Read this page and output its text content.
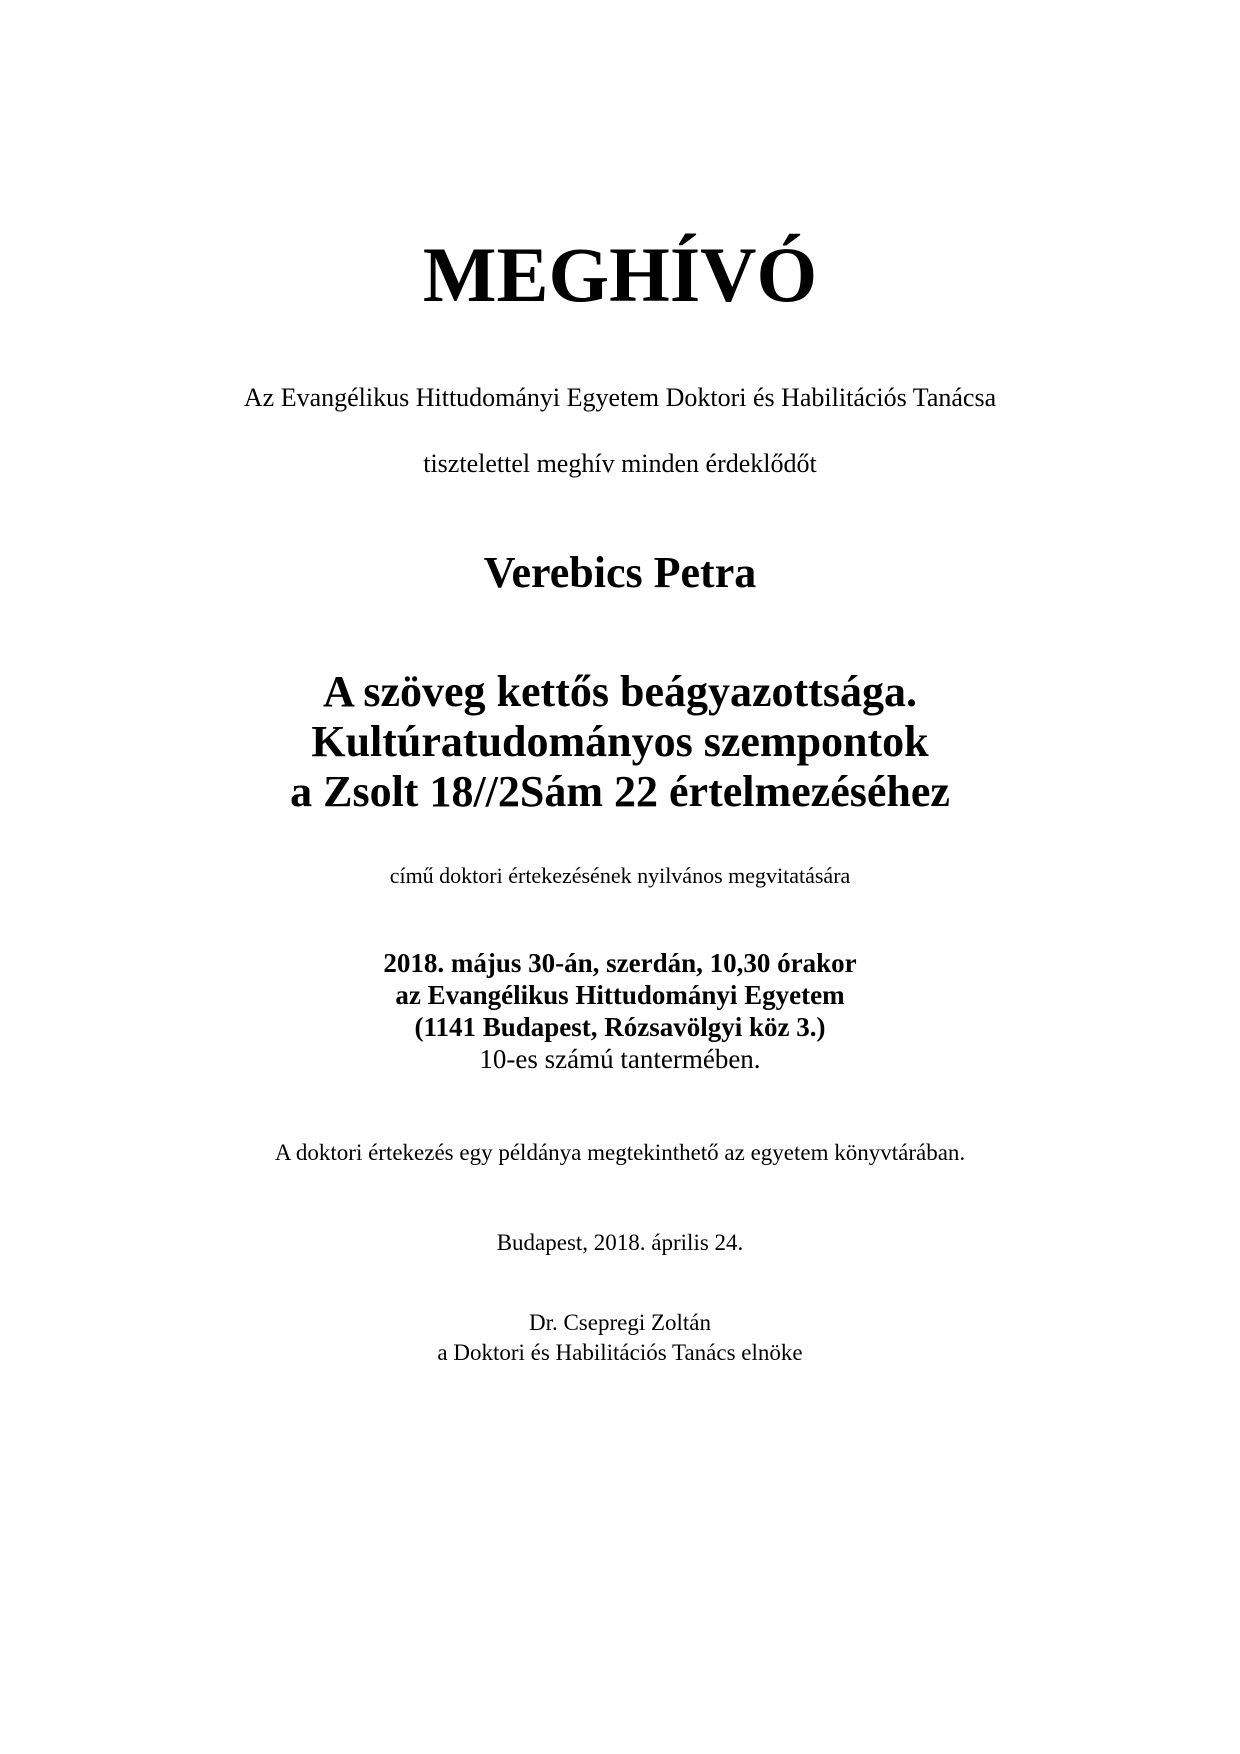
MEGHÍVÓ
Az Evangélikus Hittudományi Egyetem Doktori és Habilitációs Tanácsa
tisztelettel meghív minden érdeklődőt
Verebics Petra
A szöveg kettős beágyazottsága.
Kultúratudományos szempontok
a Zsolt 18//2Sám 22 értelmezéséhez
című doktori értekezésének nyilvános megvitatására
2018. május 30-án, szerdán, 10,30 órakor
az Evangélikus Hittudományi Egyetem
(1141 Budapest, Rózsavölgyi köz 3.)
10-es számú tantermében.
A doktori értekezés egy példánya megtekinthető az egyetem könyvtárában.
Budapest, 2018. április 24.
Dr. Csepregi Zoltán
a Doktori és Habilitációs Tanács elnöke
